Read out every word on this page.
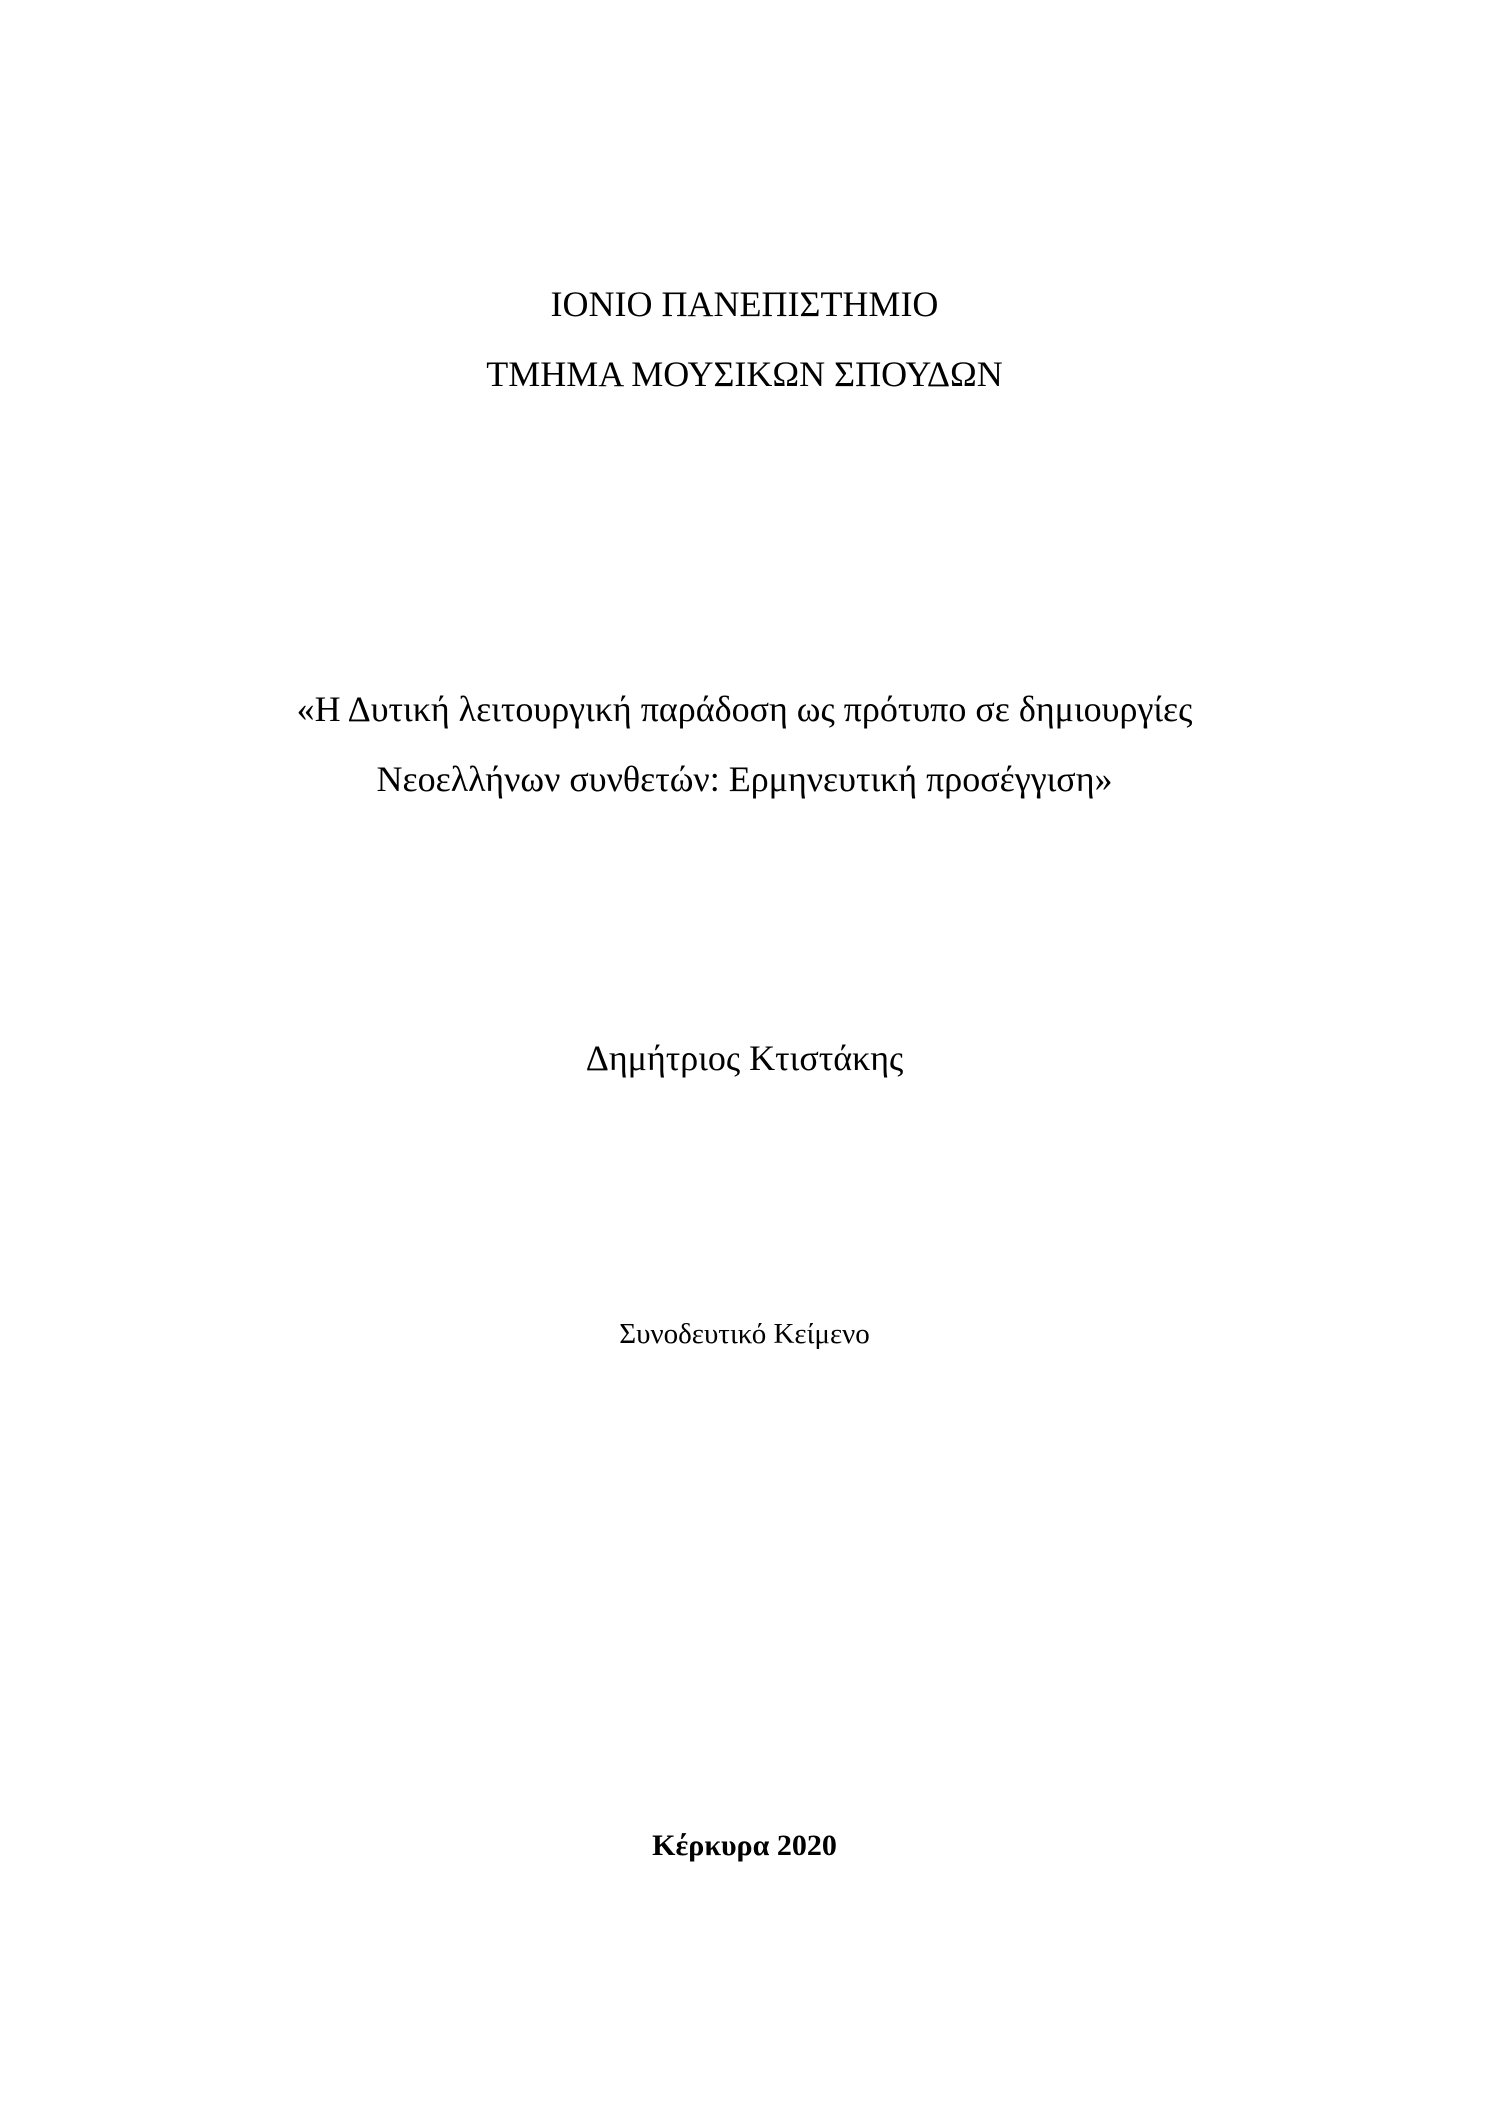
ΙΟΝΙΟ ΠΑΝΕΠΙΣΤΗΜΙΟ
ΤΜΗΜΑ ΜΟΥΣΙΚΩΝ ΣΠΟΥΔΩΝ
«Η Δυτική λειτουργική παράδοση ως πρότυπο σε δημιουργίες
Νεοελλήνων συνθετών: Ερμηνευτική προσέγγιση»
Δημήτριος Κτιστάκης
Συνοδευτικό Κείμενο
Κέρκυρα 2020
